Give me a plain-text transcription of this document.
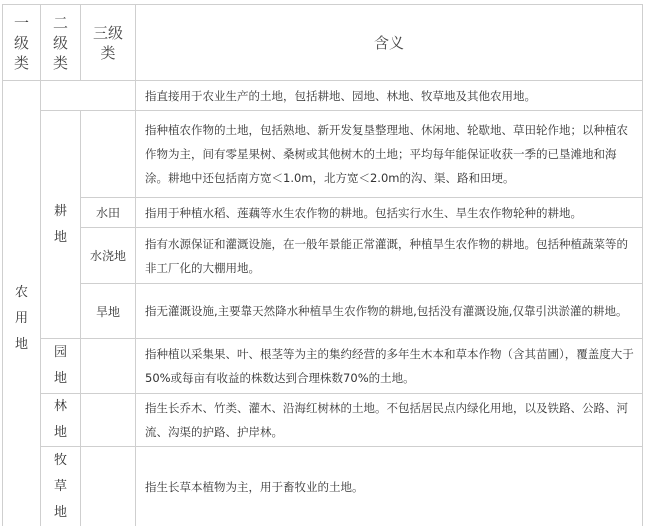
一级类	二级类	三级类	含义
农用地			指直接用于农业生产的土地，包括耕地、园地、林地、牧草地及其他农用地。
	耕地		指种植农作物的土地，包括熟地、新开发复垦整理地、休闲地、轮歇地、草田轮作地；以种植农作物为主，间有零星果树、桑树或其他树木的土地；平均每年能保证收获一季的已垦滩地和海涂。耕地中还包括南方宽＜1.0m，北方宽＜2.0m的沟、渠、路和田埂。
		水田	指用于种植水稻、莲藕等水生农作物的耕地。包括实行水生、旱生农作物轮种的耕地。
		水浇地	指有水源保证和灌溉设施，在一般年景能正常灌溉，种植旱生农作物的耕地。包括种植蔬菜等的非工厂化的大棚用地。
		旱地	指无灌溉设施,主要靠天然降水种植旱生农作物的耕地,包括没有灌溉设施,仅靠引洪淤灌的耕地。
	园地		指种植以采集果、叶、根茎等为主的集约经营的多年生木本和草本作物（含其苗圃），覆盖度大于50%或每亩有收益的株数达到合理株数70%的土地。
	林地		指生长乔木、竹类、灌木、沿海红树林的土地。不包括居民点内绿化用地，以及铁路、公路、河流、沟渠的护路、护岸林。
	牧草地		指生长草本植物为主，用于畜牧业的土地。
